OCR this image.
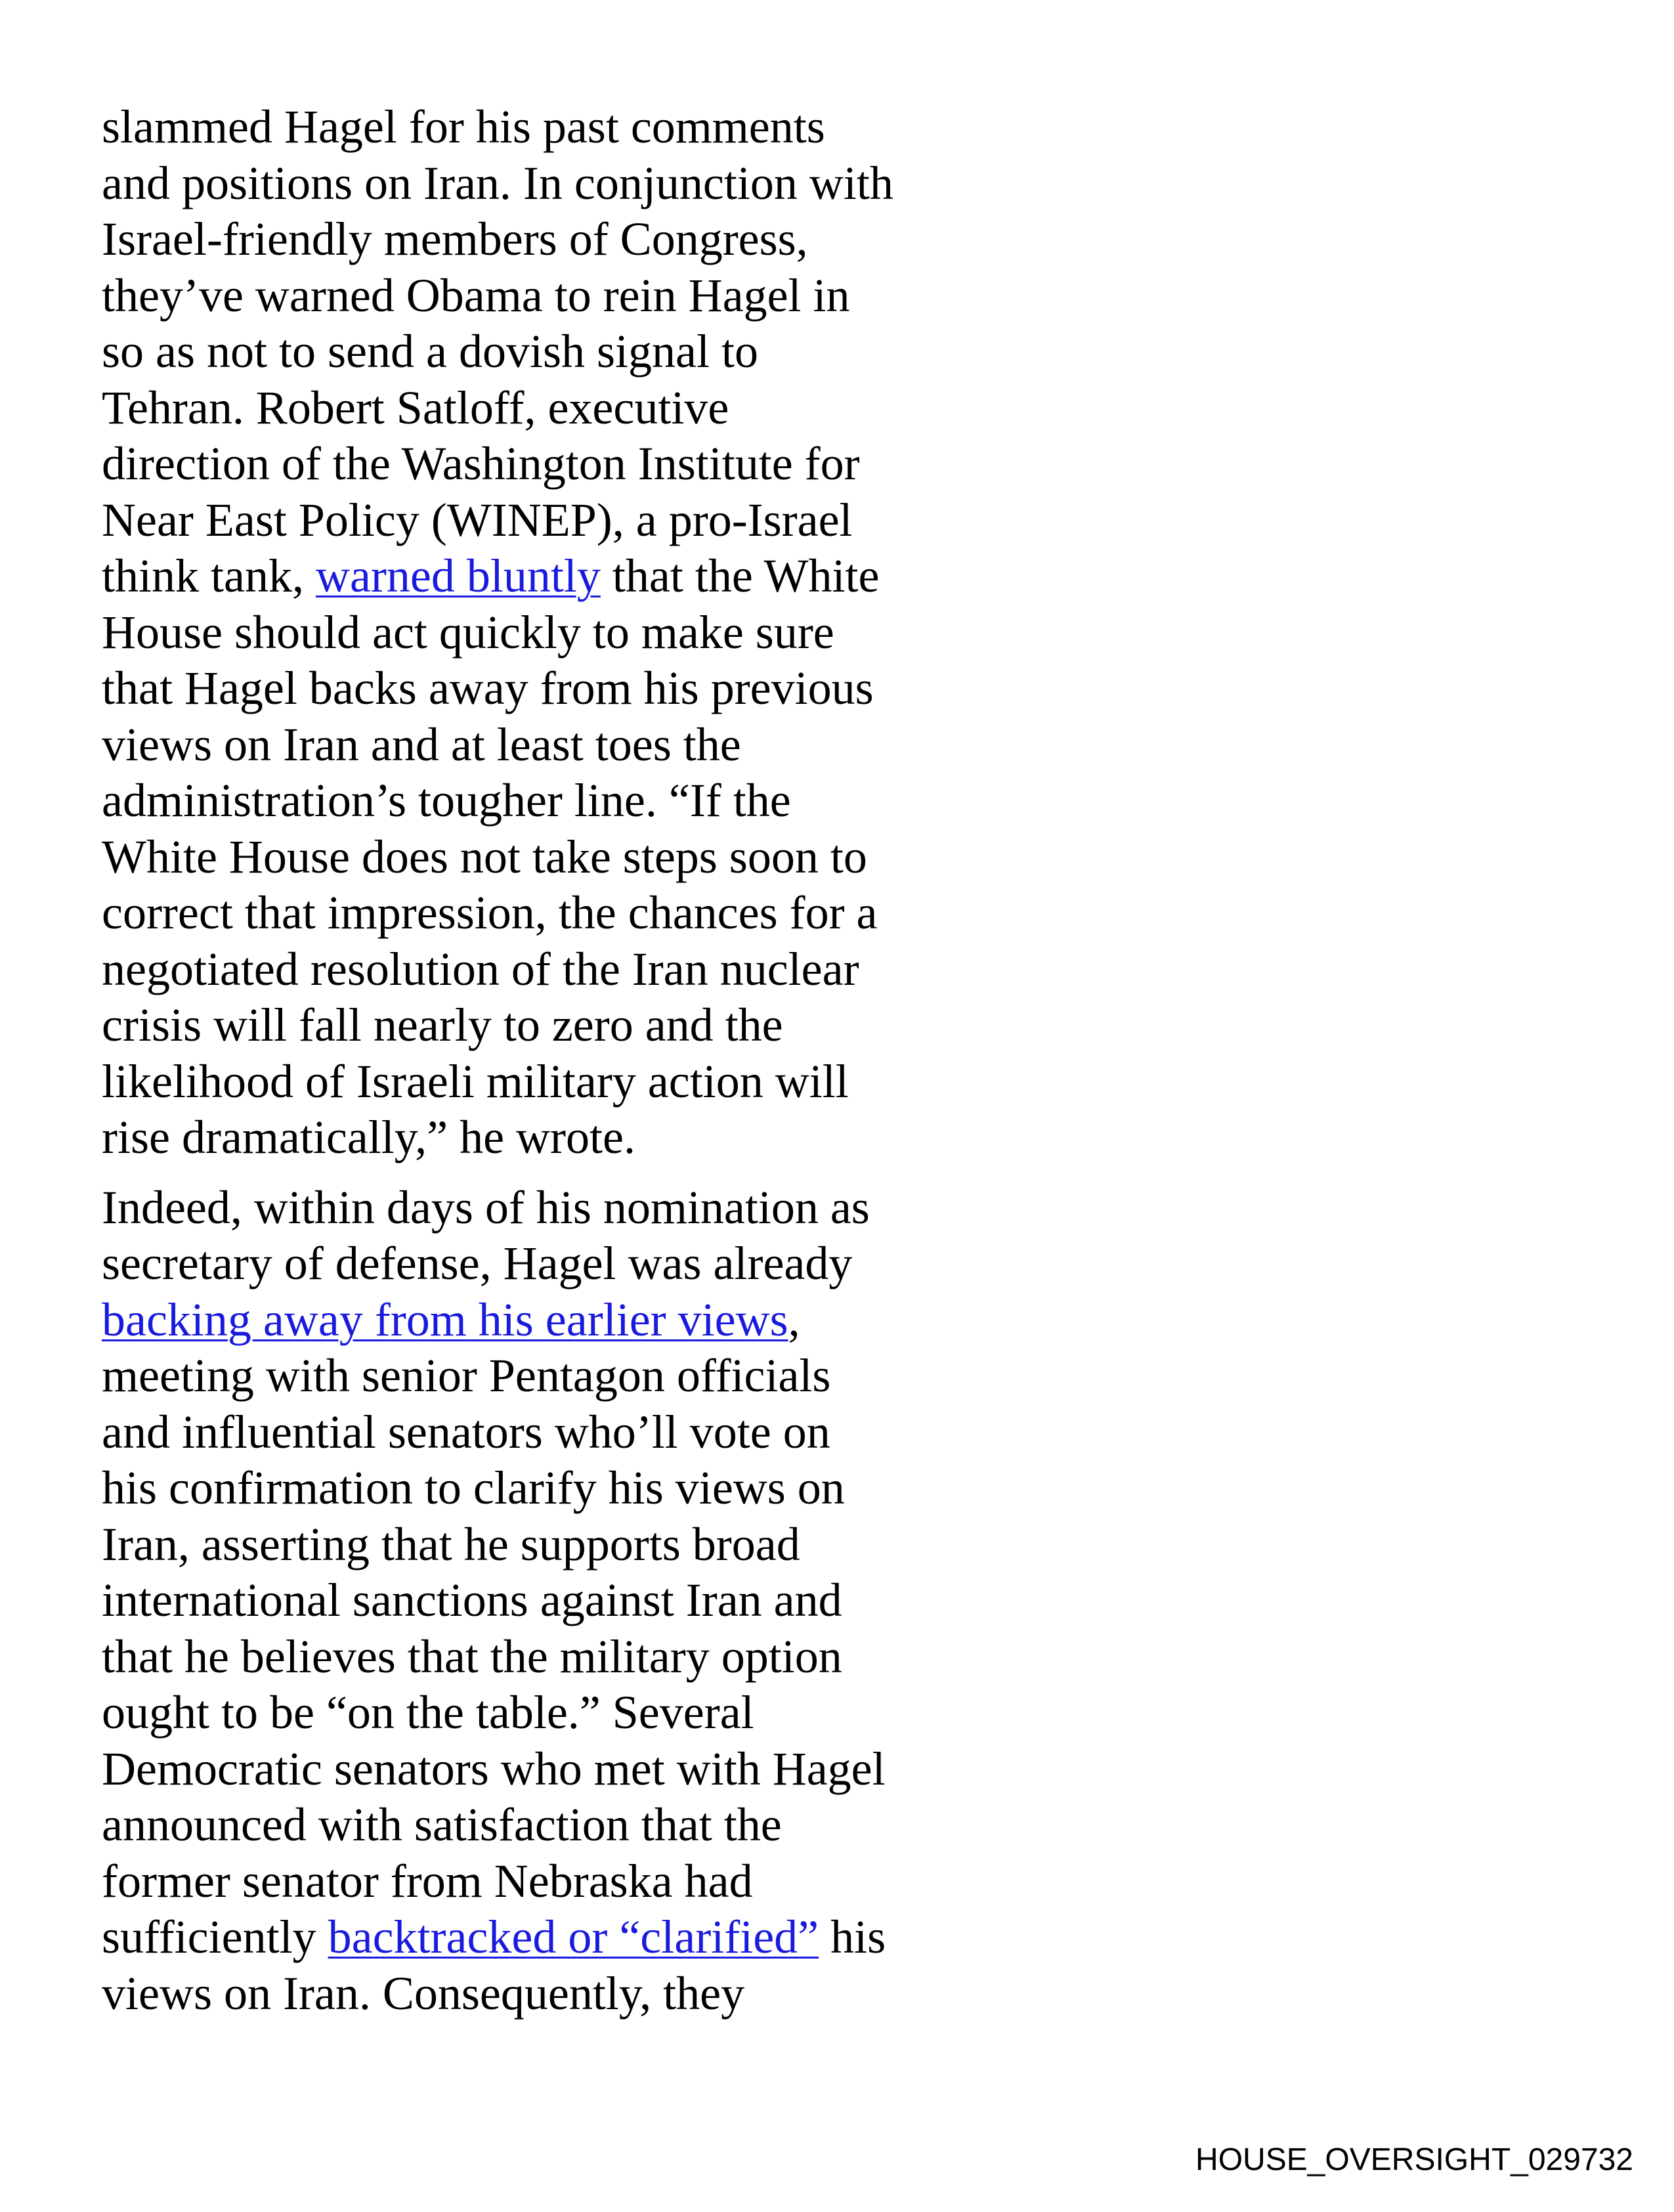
slammed Hagel for his past comments
and positions on Iran. In conjunction with
Israel-friendly members of Congress,
they’ve warned Obama to rein Hagel in
so as not to send a dovish signal to
Tehran. Robert Satloff, executive
direction of the Washington Institute for
Near East Policy (WINEP), a pro-Israel
think tank, warned bluntly that the White
House should act quickly to make sure
that Hagel backs away from his previous
views on Iran and at least toes the
administration’s tougher line. “If the
White House does not take steps soon to
correct that impression, the chances for a
negotiated resolution of the Iran nuclear
crisis will fall nearly to zero and the
likelihood of Israeli military action will
rise dramatically,” he wrote.
Indeed, within days of his nomination as
secretary of defense, Hagel was already
backing away from his earlier views,
meeting with senior Pentagon officials
and influential senators who’ll vote on
his confirmation to clarify his views on
Iran, asserting that he supports broad
international sanctions against Iran and
that he believes that the military option
ought to be “on the table.” Several
Democratic senators who met with Hagel
announced with satisfaction that the
former senator from Nebraska had
sufficiently backtracked or “clarified” his
views on Iran. Consequently, they
HOUSE_OVERSIGHT_029732
